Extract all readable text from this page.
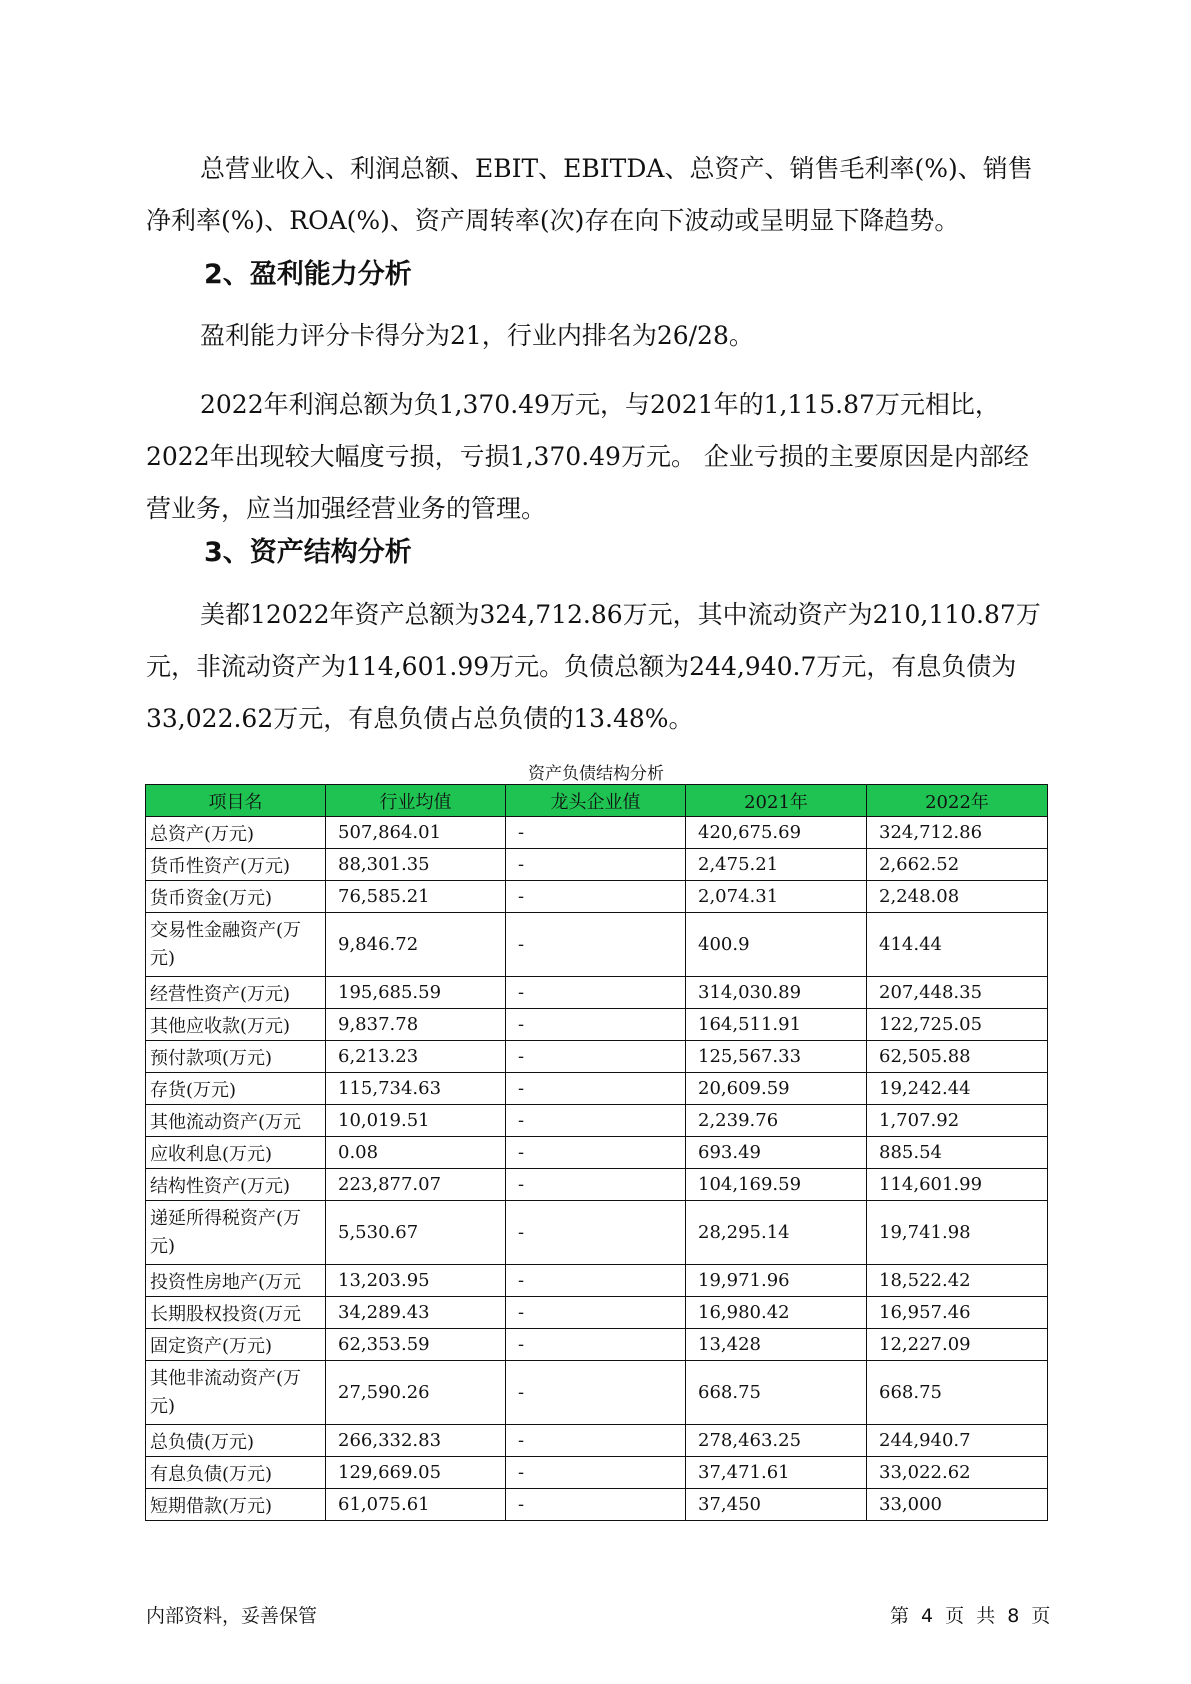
总营业收入、利润总额、EBIT、EBITDA、总资产、销售毛利率(%)、销售净利率(%)、ROA(%)、资产周转率(次)存在向下波动或呈明显下降趋势。
2、盈利能力分析
盈利能力评分卡得分为21，行业内排名为26/28。
2022年利润总额为负1,370.49万元，与2021年的1,115.87万元相比，2022年出现较大幅度亏损，亏损1,370.49万元。 企业亏损的主要原因是内部经营业务，应当加强经营业务的管理。
3、资产结构分析
美都12022年资产总额为324,712.86万元，其中流动资产为210,110.87万元，非流动资产为114,601.99万元。负债总额为244,940.7万元，有息负债为33,022.62万元，有息负债占总负债的13.48%。
资产负债结构分析
项目名	行业均值	龙头企业值	2021年	2022年
总资产(万元)	507,864.01	-	420,675.69	324,712.86
货币性资产(万元)	88,301.35	-	2,475.21	2,662.52
货币资金(万元)	76,585.21	-	2,074.31	2,248.08
交易性金融资产(万元)	9,846.72	-	400.9	414.44
经营性资产(万元)	195,685.59	-	314,030.89	207,448.35
其他应收款(万元)	9,837.78	-	164,511.91	122,725.05
预付款项(万元)	6,213.23	-	125,567.33	62,505.88
存货(万元)	115,734.63	-	20,609.59	19,242.44
其他流动资产(万元	10,019.51	-	2,239.76	1,707.92
应收利息(万元)	0.08	-	693.49	885.54
结构性资产(万元)	223,877.07	-	104,169.59	114,601.99
递延所得税资产(万元)	5,530.67	-	28,295.14	19,741.98
投资性房地产(万元	13,203.95	-	19,971.96	18,522.42
长期股权投资(万元	34,289.43	-	16,980.42	16,957.46
固定资产(万元)	62,353.59	-	13,428	12,227.09
其他非流动资产(万元)	27,590.26	-	668.75	668.75
总负债(万元)	266,332.83	-	278,463.25	244,940.7
有息负债(万元)	129,669.05	-	37,471.61	33,022.62
短期借款(万元)	61,075.61	-	37,450	33,000
内部资料，妥善保管	第 4 页 共 8 页
